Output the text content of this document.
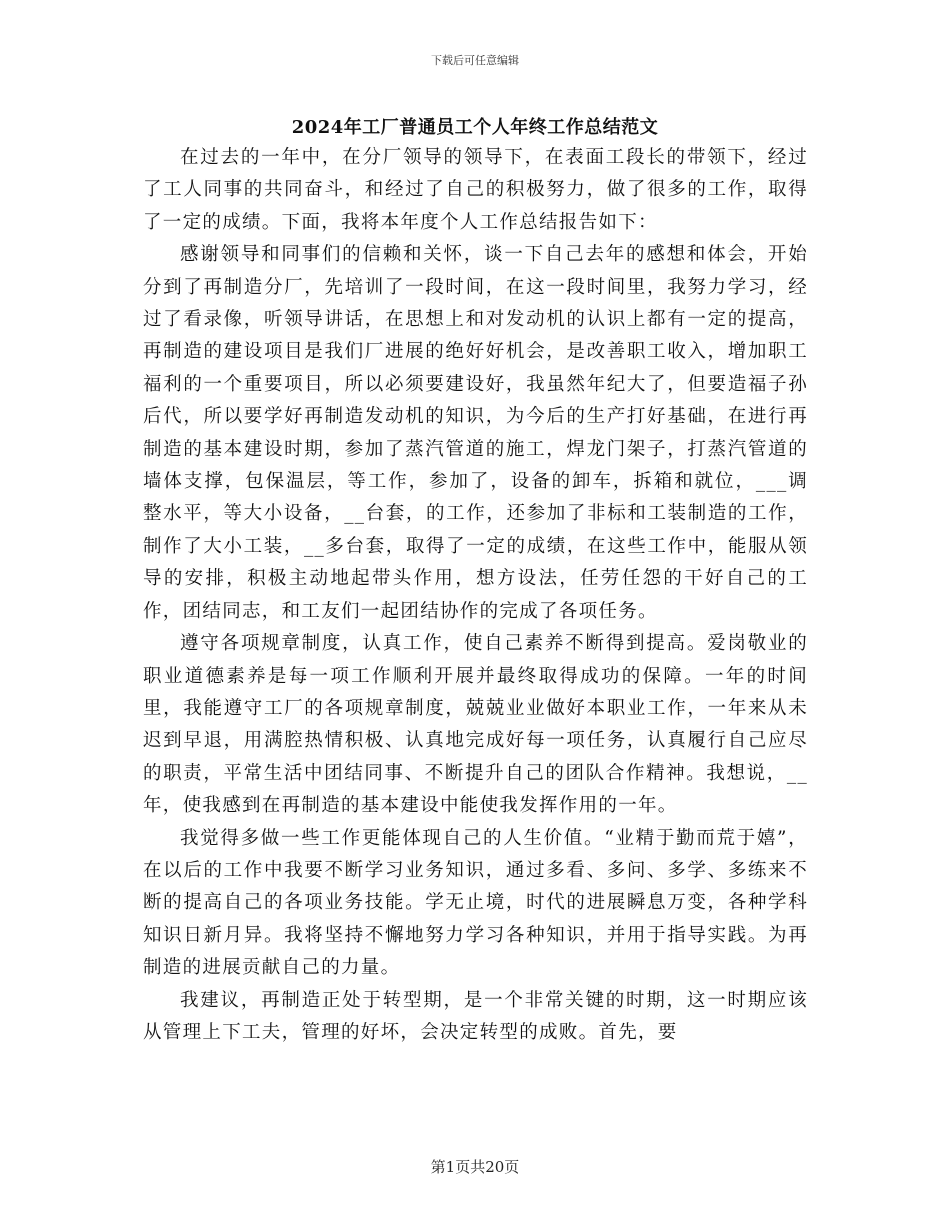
下载后可任意编辑
2024年工厂普通员工个人年终工作总结范文

在过去的一年中，在分厂领导的领导下，在表面工段长的带领下，经过了工人同事的共同奋斗，和经过了自己的积极努力，做了很多的工作，取得了一定的成绩。下面，我将本年度个人工作总结报告如下：

感谢领导和同事们的信赖和关怀，谈一下自己去年的感想和体会，开始分到了再制造分厂，先培训了一段时间，在这一段时间里，我努力学习，经过了看录像，听领导讲话，在思想上和对发动机的认识上都有一定的提高，再制造的建设项目是我们厂进展的绝好好机会，是改善职工收入，增加职工福利的一个重要项目，所以必须要建设好，我虽然年纪大了，但要造福子孙后代，所以要学好再制造发动机的知识，为今后的生产打好基础，在进行再制造的基本建设时期，参加了蒸汽管道的施工，焊龙门架子，打蒸汽管道的墙体支撑，包保温层，等工作，参加了，设备的卸车，拆箱和就位，___调整水平，等大小设备，__台套，的工作，还参加了非标和工装制造的工作，制作了大小工装，__多台套，取得了一定的成绩，在这些工作中，能服从领导的安排，积极主动地起带头作用，想方设法，任劳任怨的干好自己的工作，团结同志，和工友们一起团结协作的完成了各项任务。

遵守各项规章制度，认真工作，使自己素养不断得到提高。爱岗敬业的职业道德素养是每一项工作顺利开展并最终取得成功的保障。一年的时间里，我能遵守工厂的各项规章制度，兢兢业业做好本职业工作，一年来从未迟到早退，用满腔热情积极、认真地完成好每一项任务，认真履行自己应尽的职责，平常生活中团结同事、不断提升自己的团队合作精神。我想说，__年，使我感到在再制造的基本建设中能使我发挥作用的一年。

我觉得多做一些工作更能体现自己的人生价值。“业精于勤而荒于嬉”，在以后的工作中我要不断学习业务知识，通过多看、多问、多学、多练来不断的提高自己的各项业务技能。学无止境，时代的进展瞬息万变，各种学科知识日新月异。我将坚持不懈地努力学习各种知识，并用于指导实践。为再制造的进展贡献自己的力量。

我建议，再制造正处于转型期，是一个非常关键的时期，这一时期应该从管理上下工夫，管理的好坏，会决定转型的成败。首先，要

第1页共20页
